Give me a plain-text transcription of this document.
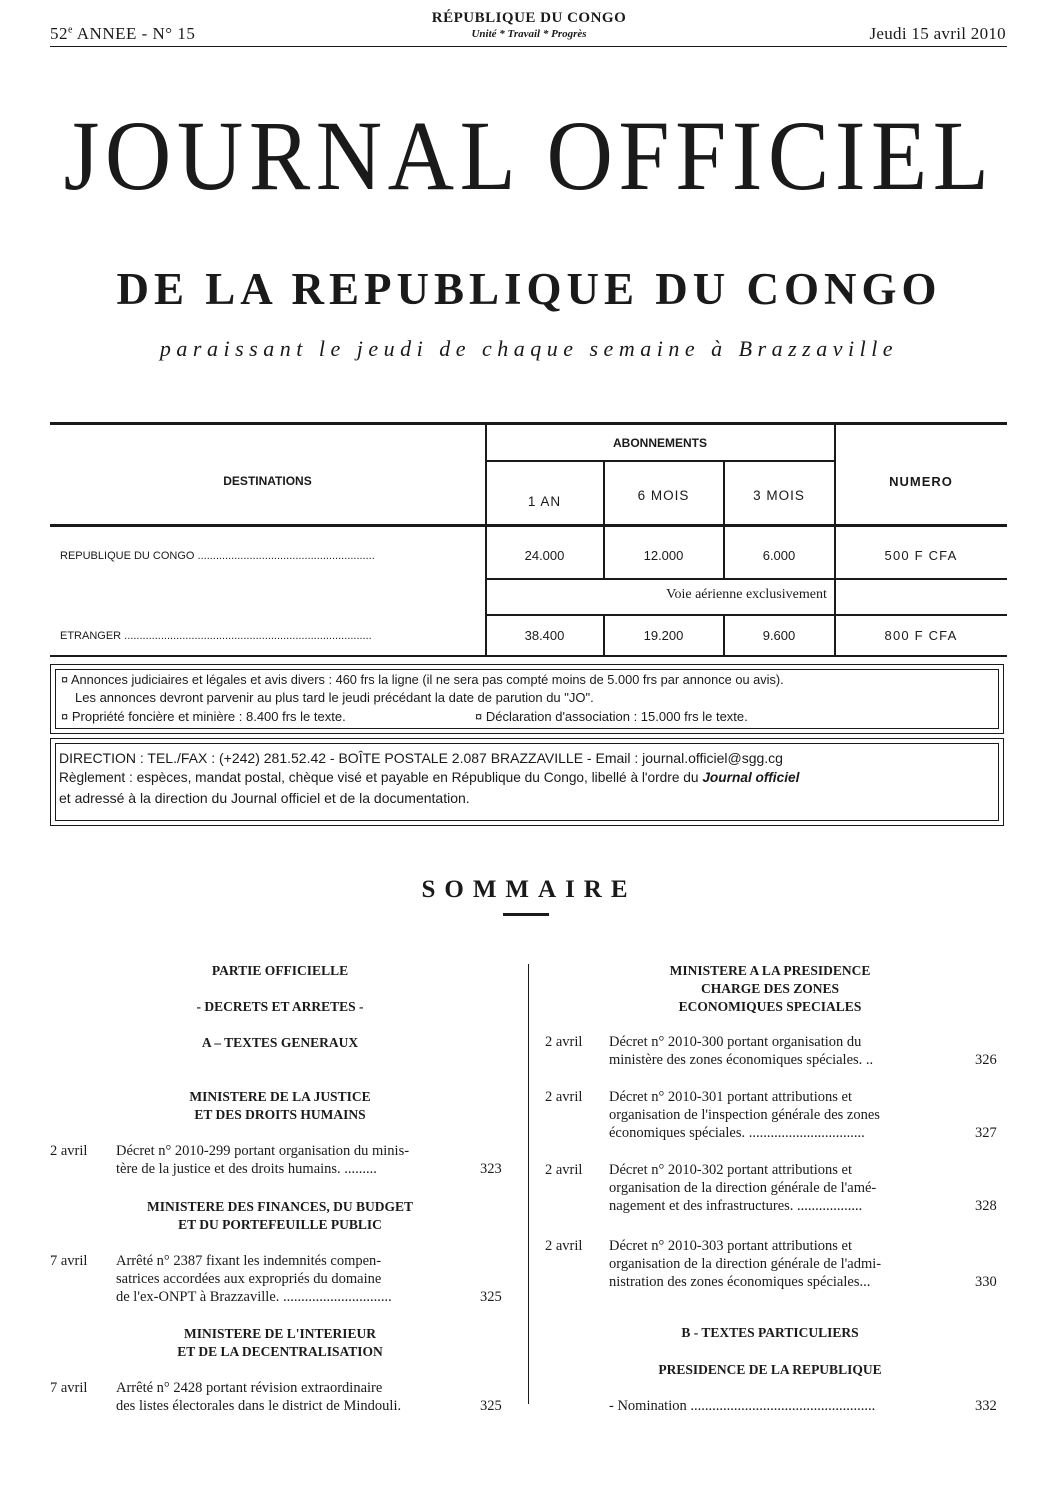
52e ANNEE - N° 15
RÉPUBLIQUE DU CONGO
Unité * Travail * Progrès	Jeudi 15 avril 2010
JOURNAL OFFICIEL
DE LA REPUBLIQUE DU CONGO
paraissant le jeudi de chaque semaine à Brazzaville
DESTINATIONS
ABONNEMENTS
NUMERO
1 AN	6 MOIS	3 MOIS
REPUBLIQUE DU CONGO ..........................................................	24.000	12.000	6.000	500 F CFA
Voie aérienne exclusivement
ETRANGER .................................................................................	38.400	19.200	9.600	800 F CFA
¤ Annonces judiciaires et légales et avis divers : 460 frs la ligne (il ne sera pas compté moins de 5.000 frs par annonce ou avis).
Les annonces devront parvenir au plus tard le jeudi précédant la date de parution du "JO".
¤ Propriété foncière et minière : 8.400 frs le texte.	¤ Déclaration d'association : 15.000 frs le texte.
DIRECTION : TEL./FAX : (+242) 281.52.42 - BOÎTE POSTALE 2.087 BRAZZAVILLE - Email : journal.officiel@sgg.cg
Règlement : espèces, mandat postal, chèque visé et payable en République du Congo, libellé à l'ordre du Journal officiel
et adressé à la direction du Journal officiel et de la documentation.
SOMMAIRE
PARTIE OFFICIELLE
- DECRETS ET ARRETES -
A – TEXTES GENERAUX
MINISTERE DE LA JUSTICE
ET DES DROITS HUMAINS
2 avril Décret n° 2010-299 portant organisation du minis-
tère de la justice et des droits humains. .........	323
MINISTERE DES FINANCES, DU BUDGET
ET DU PORTEFEUILLE PUBLIC
7 avril Arrêté n° 2387 fixant les indemnités compen-
satrices accordées aux expropriés du domaine
de l'ex-ONPT à Brazzaville. ..............................	325
MINISTERE DE L'INTERIEUR
ET DE LA DECENTRALISATION
7 avril Arrêté n° 2428 portant révision extraordinaire
des listes électorales dans le district de Mindouli.	325
MINISTERE A LA PRESIDENCE
CHARGE DES ZONES
ECONOMIQUES SPECIALES
2 avril Décret n° 2010-300 portant organisation du
ministère des zones économiques spéciales. ..	326
2 avril Décret n° 2010-301 portant attributions et
organisation de l'inspection générale des zones
économiques spéciales. ................................	327
2 avril Décret n° 2010-302 portant attributions et
organisation de la direction générale de l'amé-
nagement et des infrastructures. ..................	328
2 avril Décret n° 2010-303 portant attributions et
organisation de la direction générale de l'admi-
nistration des zones économiques spéciales...	330
B - TEXTES PARTICULIERS
PRESIDENCE DE LA REPUBLIQUE
- Nomination ...................................................	332
